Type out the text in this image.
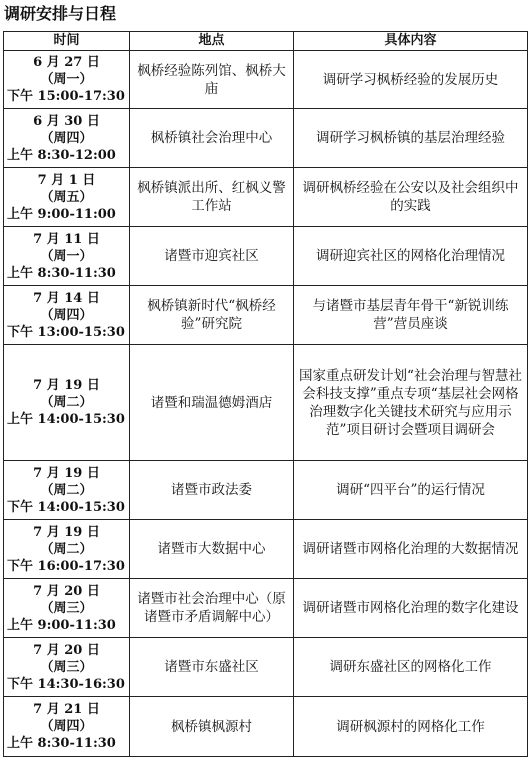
调研安排与日程
时间	地点	具体内容

6 月 27 日
（周一）
下午 15:00-17:30	枫桥经验陈列馆、枫桥大庙	调研学习枫桥经验的发展历史

6 月 30 日
（周四）
上午 8:30-12:00	枫桥镇社会治理中心	调研学习枫桥镇的基层治理经验

7 月 1 日
（周五）
上午 9:00-11:00	枫桥镇派出所、红枫义警工作站	调研枫桥经验在公安以及社会组织中的实践

7 月 11 日
（周一）
上午 8:30-11:30	诸暨市迎宾社区	调研迎宾社区的网格化治理情况

7 月 14 日
（周四）
下午 13:00-15:30	枫桥镇新时代“枫桥经验”研究院	与诸暨市基层青年骨干“新锐训练营”营员座谈

7 月 19 日
（周二）
上午 14:00-15:30	诸暨和瑞温德姆酒店	国家重点研发计划“社会治理与智慧社会科技支撑”重点专项“基层社会网格治理数字化关键技术研究与应用示范”项目研讨会暨项目调研会

7 月 19 日
（周二）
下午 14:00-15:30	诸暨市政法委	调研“四平台”的运行情况

7 月 19 日
（周二）
下午 16:00-17:30	诸暨市大数据中心	调研诸暨市网格化治理的大数据情况

7 月 20 日
（周三）
上午 9:00-11:30	诸暨市社会治理中心（原诸暨市矛盾调解中心）	调研诸暨市网格化治理的数字化建设

7 月 20 日
（周三）
下午 14:30-16:30	诸暨市东盛社区	调研东盛社区的网格化工作

7 月 21 日
（周四）
上午 8:30-11:30	枫桥镇枫源村	调研枫源村的网格化工作
